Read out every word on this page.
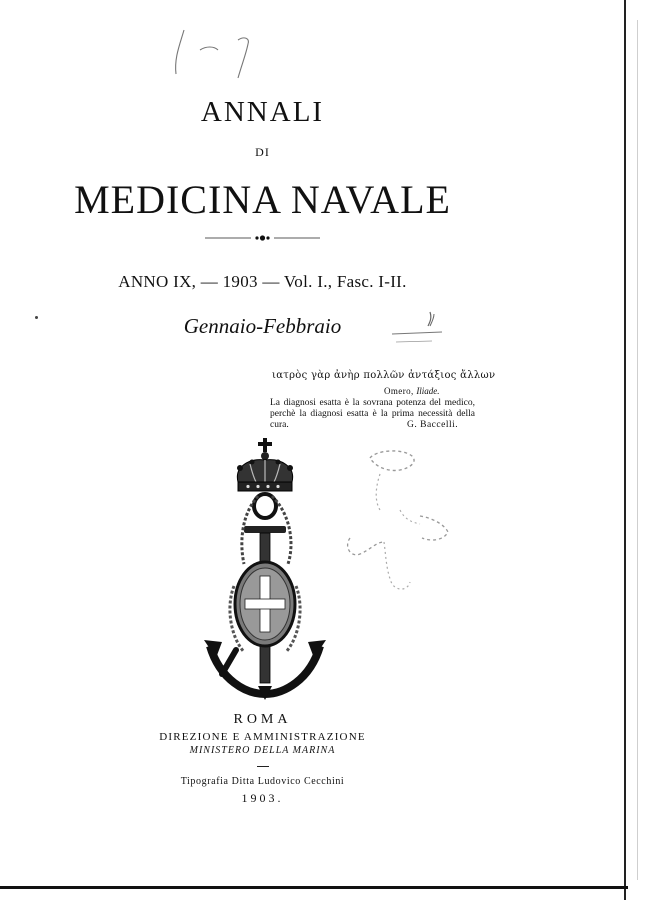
ANNALI
DI
MEDICINA NAVALE
ANNO IX, — 1903 — Vol. I., Fasc. I-II.
Gennaio-Febbraio
ιατρὸς γὰρ ἀνὴρ πολλῶν ἀντάξιος ἄλλων
Omero, Iliade.
La diagnosi esatta è la sovrana potenza del medico, perchè la diagnosi esatta è la prima necessità della cura.	G. Baccelli.
ROMA
DIREZIONE E AMMINISTRAZIONE
MINISTERO DELLA MARINA
Tipografia Ditta Ludovico Cecchini
1903.
